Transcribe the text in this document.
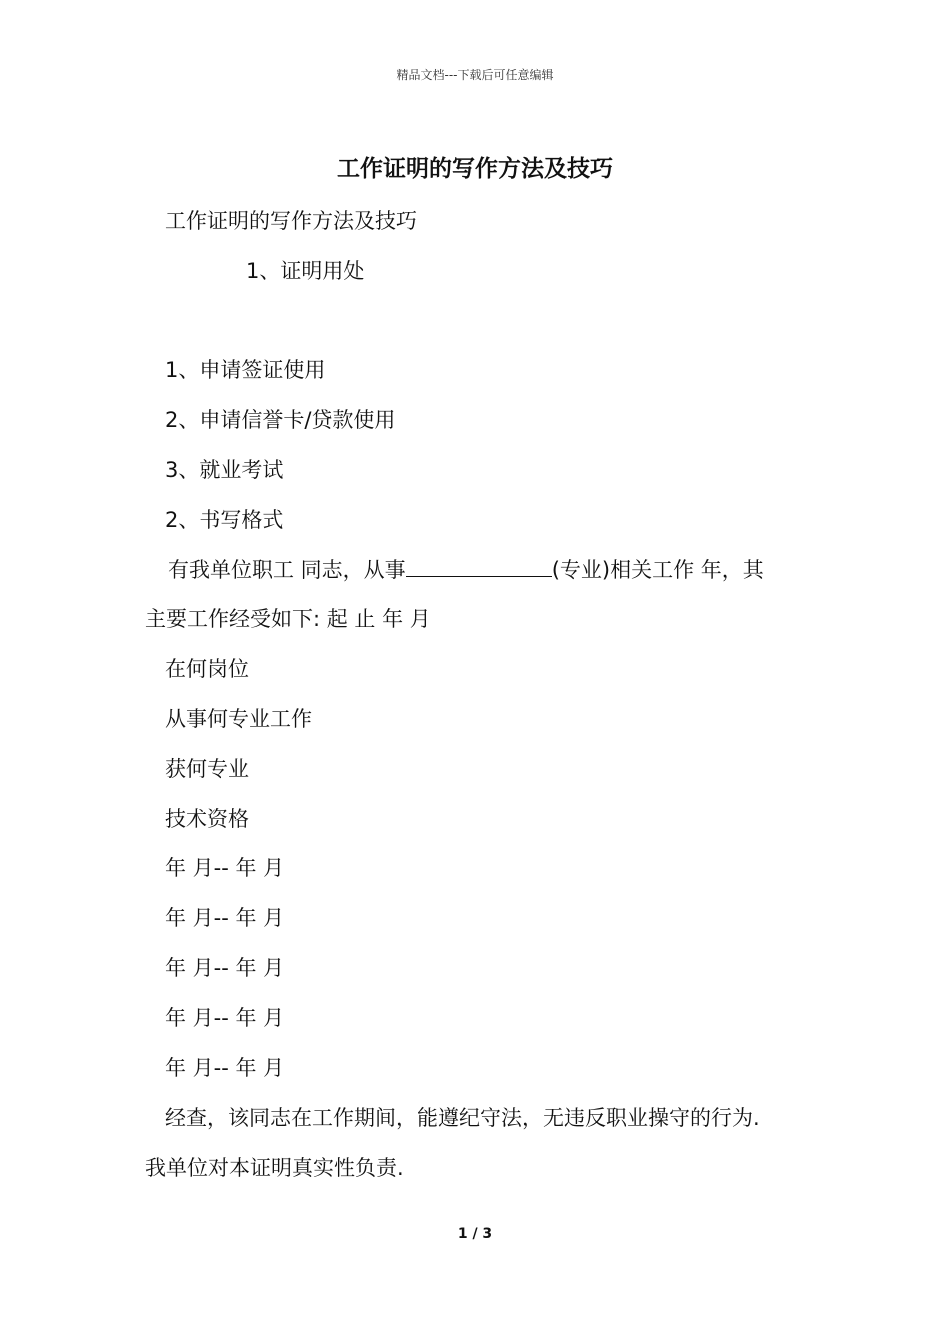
精品文档---下载后可任意编辑
工作证明的写作方法及技巧
工作证明的写作方法及技巧
1、证明用处
1、申请签证使用
2、申请信誉卡/贷款使用
3、就业考试
2、书写格式
有我单位职工 同志，从事	(专业)相关工作 年，其
主要工作经受如下: 起 止 年 月
在何岗位
从事何专业工作
获何专业
技术资格
年 月-- 年 月
年 月-- 年 月
年 月-- 年 月
年 月-- 年 月
年 月-- 年 月
经查，该同志在工作期间，能遵纪守法，无违反职业操守的行为.
我单位对本证明真实性负责.
1 / 3
